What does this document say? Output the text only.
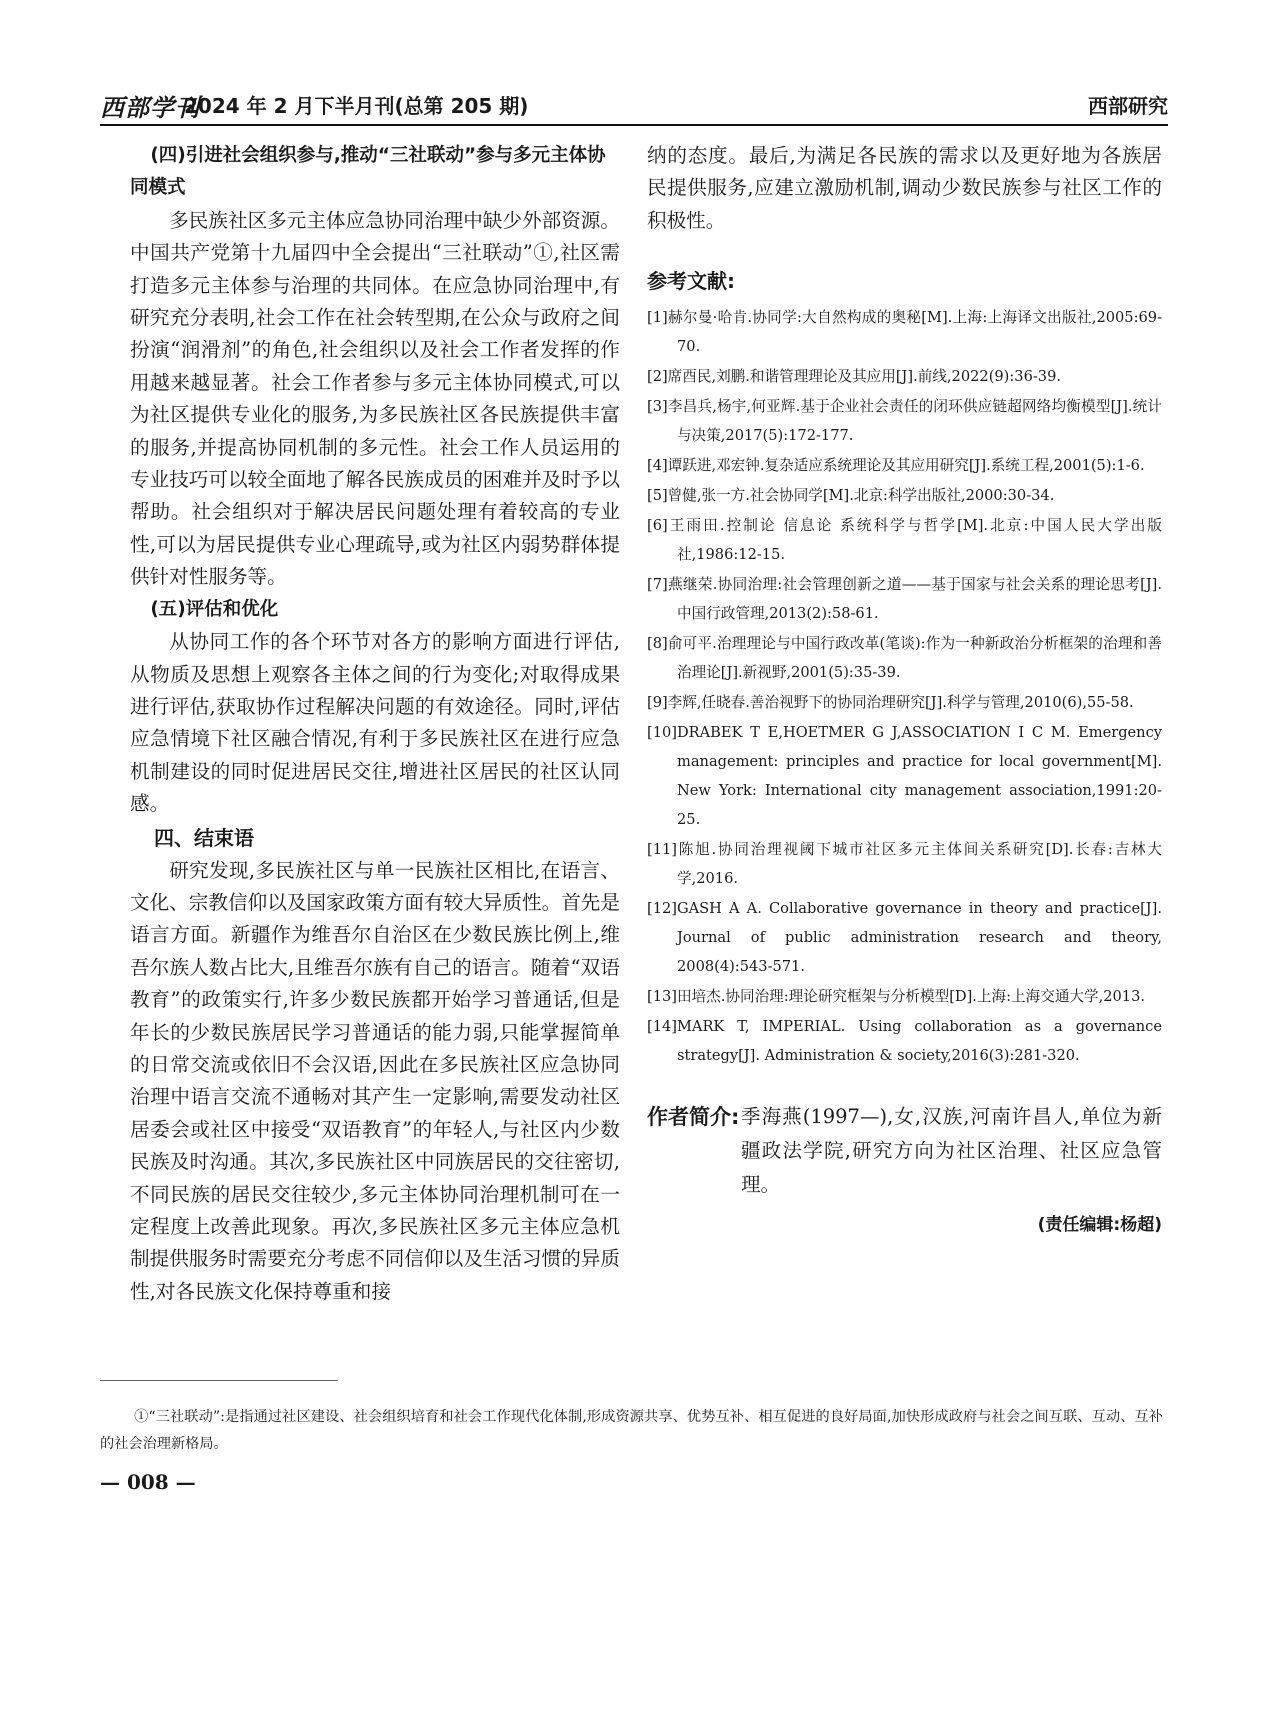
西部学刊
2024 年 2 月下半月刊(总第 205 期)	西部研究

(四)引进社会组织参与,推动“三社联动”参与多元主体协同模式

多民族社区多元主体应急协同治理中缺少外部资源。中国共产党第十九届四中全会提出“三社联动”①,社区需打造多元主体参与治理的共同体。在应急协同治理中,有研究充分表明,社会工作在社会转型期,在公众与政府之间扮演“润滑剂”的角色,社会组织以及社会工作者发挥的作用越来越显著。社会工作者参与多元主体协同模式,可以为社区提供专业化的服务,为多民族社区各民族提供丰富的服务,并提高协同机制的多元性。社会工作人员运用的专业技巧可以较全面地了解各民族成员的困难并及时予以帮助。社会组织对于解决居民问题处理有着较高的专业性,可以为居民提供专业心理疏导,或为社区内弱势群体提供针对性服务等。

(五)评估和优化

从协同工作的各个环节对各方的影响方面进行评估,从物质及思想上观察各主体之间的行为变化;对取得成果进行评估,获取协作过程解决问题的有效途径。同时,评估应急情境下社区融合情况,有利于多民族社区在进行应急机制建设的同时促进居民交往,增进社区居民的社区认同感。

四、结束语

研究发现,多民族社区与单一民族社区相比,在语言、文化、宗教信仰以及国家政策方面有较大异质性。首先是语言方面。新疆作为维吾尔自治区在少数民族比例上,维吾尔族人数占比大,且维吾尔族有自己的语言。随着“双语教育”的政策实行,许多少数民族都开始学习普通话,但是年长的少数民族居民学习普通话的能力弱,只能掌握简单的日常交流或依旧不会汉语,因此在多民族社区应急协同治理中语言交流不通畅对其产生一定影响,需要发动社区居委会或社区中接受“双语教育”的年轻人,与社区内少数民族及时沟通。其次,多民族社区中同族居民的交往密切,不同民族的居民交往较少,多元主体协同治理机制可在一定程度上改善此现象。再次,多民族社区多元主体应急机制提供服务时需要充分考虑不同信仰以及生活习惯的异质性,对各民族文化保持尊重和接

纳的态度。最后,为满足各民族的需求以及更好地为各族居民提供服务,应建立激励机制,调动少数民族参与社区工作的积极性。

参考文献:
[1]赫尔曼·哈肯.协同学:大自然构成的奥秘[M].上海:上海译文出版社,2005:69-70.
[2]席酉民,刘鹏.和谐管理理论及其应用[J].前线,2022(9):36-39.
[3]李昌兵,杨宇,何亚辉.基于企业社会责任的闭环供应链超网络均衡模型[J].统计与决策,2017(5):172-177.
[4]谭跃进,邓宏钟.复杂适应系统理论及其应用研究[J].系统工程,2001(5):1-6.
[5]曾健,张一方.社会协同学[M].北京:科学出版社,2000:30-34.
[6]王雨田.控制论 信息论 系统科学与哲学[M].北京:中国人民大学出版社,1986:12-15.
[7]燕继荣.协同治理:社会管理创新之道——基于国家与社会关系的理论思考[J].中国行政管理,2013(2):58-61.
[8]俞可平.治理理论与中国行政改革(笔谈):作为一种新政治分析框架的治理和善治理论[J].新视野,2001(5):35-39.
[9]李辉,任晓春.善治视野下的协同治理研究[J].科学与管理,2010(6),55-58.
[10]DRABEK T E,HOETMER G J,ASSOCIATION I C M. Emergency management: principles and practice for local government[M]. New York: International city management association,1991:20-25.
[11]陈旭.协同治理视阈下城市社区多元主体间关系研究[D].长春:吉林大学,2016.
[12]GASH A A. Collaborative governance in theory and practice[J]. Journal of public administration research and theory, 2008(4):543-571.
[13]田培杰.协同治理:理论研究框架与分析模型[D].上海:上海交通大学,2013.
[14]MARK T, IMPERIAL. Using collaboration as a governance strategy[J]. Administration & society,2016(3):281-320.
作者简介: 季海燕(1997—),女,汉族,河南许昌人,单位为新疆政法学院,研究方向为社区治理、社区应急管理。
(责任编辑:杨超)
①“三社联动”:是指通过社区建设、社会组织培育和社会工作现代化体制,形成资源共享、优势互补、相互促进的良好局面,加快形成政府与社会之间互联、互动、互补的社会治理新格局。
— 008 —
